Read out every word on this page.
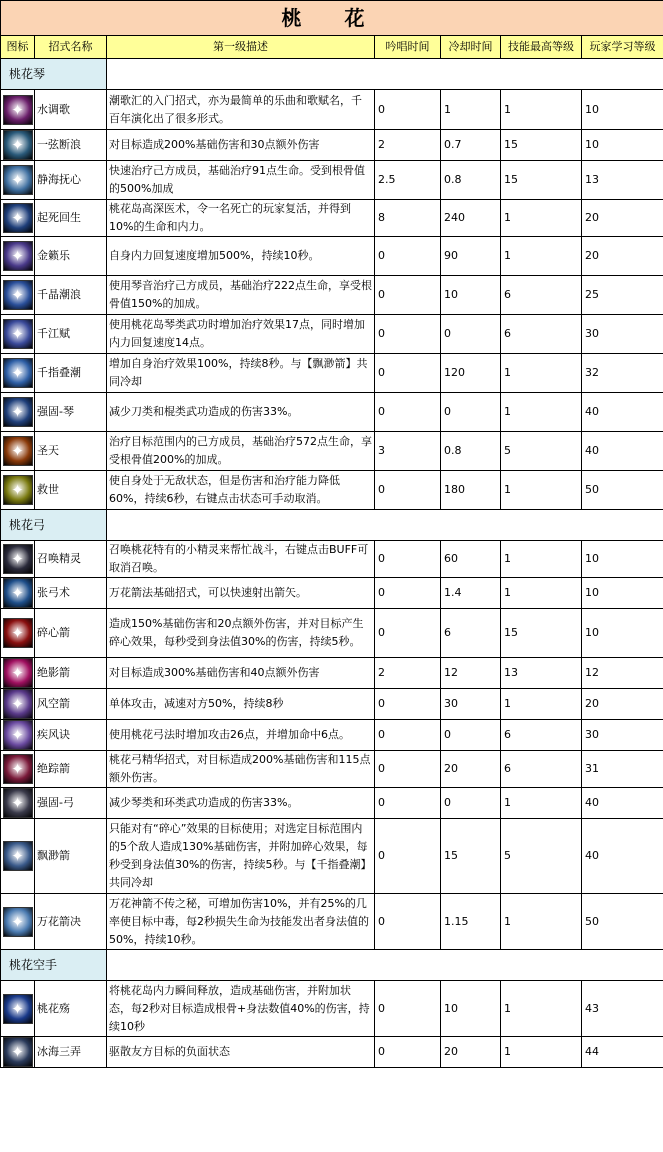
桃 花						
图标	招式名称	第一级描述	吟唱时间	冷却时间	技能最高等级	玩家学习等级
桃花琴						

✦	水调歌	潮歌汇的入门招式，亦为最简单的乐曲和歌赋名，千百年演化出了很多形式。	0	1	1	10

✦	一弦断浪	对目标造成200%基础伤害和30点额外伤害	2	0.7	15	10

✦	静海抚心	快速治疗己方成员，基础治疗91点生命。受到根骨值的500%加成	2.5	0.8	15	13

✦	起死回生	桃花岛高深医术，令一名死亡的玩家复活，并得到10%的生命和内力。	8	240	1	20

✦	金籁乐	自身内力回复速度增加500%，持续10秒。	0	90	1	20

✦	千晶潮浪	使用琴音治疗己方成员，基础治疗222点生命，享受根骨值150%的加成。	0	10	6	25

✦	千江赋	使用桃花岛琴类武功时增加治疗效果17点，同时增加内力回复速度14点。	0	0	6	30

✦	千指叠潮	增加自身治疗效果100%，持续8秒。与【飘渺箭】共同冷却	0	120	1	32

✦	强固-琴	减少刀类和棍类武功造成的伤害33%。	0	0	1	40

✦	圣天	治疗目标范围内的己方成员，基础治疗572点生命，享受根骨值200%的加成。	3	0.8	5	40

✦	救世	使自身处于无敌状态，但是伤害和治疗能力降低60%，持续6秒，右键点击状态可手动取消。	0	180	1	50
桃花弓						

✦	召唤精灵	召唤桃花特有的小精灵来帮忙战斗，右键点击BUFF可取消召唤。	0	60	1	10

✦	张弓术	万花箭法基础招式，可以快速射出箭矢。	0	1.4	1	10

✦	碎心箭	造成150%基础伤害和20点额外伤害，并对目标产生碎心效果，每秒受到身法值30%的伤害，持续5秒。	0	6	15	10

✦	绝影箭	对目标造成300%基础伤害和40点额外伤害	2	12	13	12

✦	风空箭	单体攻击，减速对方50%，持续8秒	0	30	1	20

✦	疾风诀	使用桃花弓法时增加攻击26点，并增加命中6点。	0	0	6	30

✦	绝踪箭	桃花弓精华招式，对目标造成200%基础伤害和115点额外伤害。	0	20	6	31

✦	强固-弓	减少琴类和环类武功造成的伤害33%。	0	0	1	40

✦	飘渺箭	只能对有“碎心”效果的目标使用；对选定目标范围内的5个敌人造成130%基础伤害，并附加碎心效果，每秒受到身法值30%的伤害，持续5秒。与【千指叠潮】共同冷却	0	15	5	40

✦	万花箭决	万花神箭不传之秘，可增加伤害10%，并有25%的几率使目标中毒，每2秒损失生命为技能发出者身法值的50%，持续10秒。	0	1.15	1	50
桃花空手						

✦	桃花殇	将桃花岛内力瞬间释放，造成基础伤害，并附加状态，每2秒对目标造成根骨+身法数值40%的伤害，持续10秒	0	10	1	43

✦	冰海三弄	驱散友方目标的负面状态	0	20	1	44
